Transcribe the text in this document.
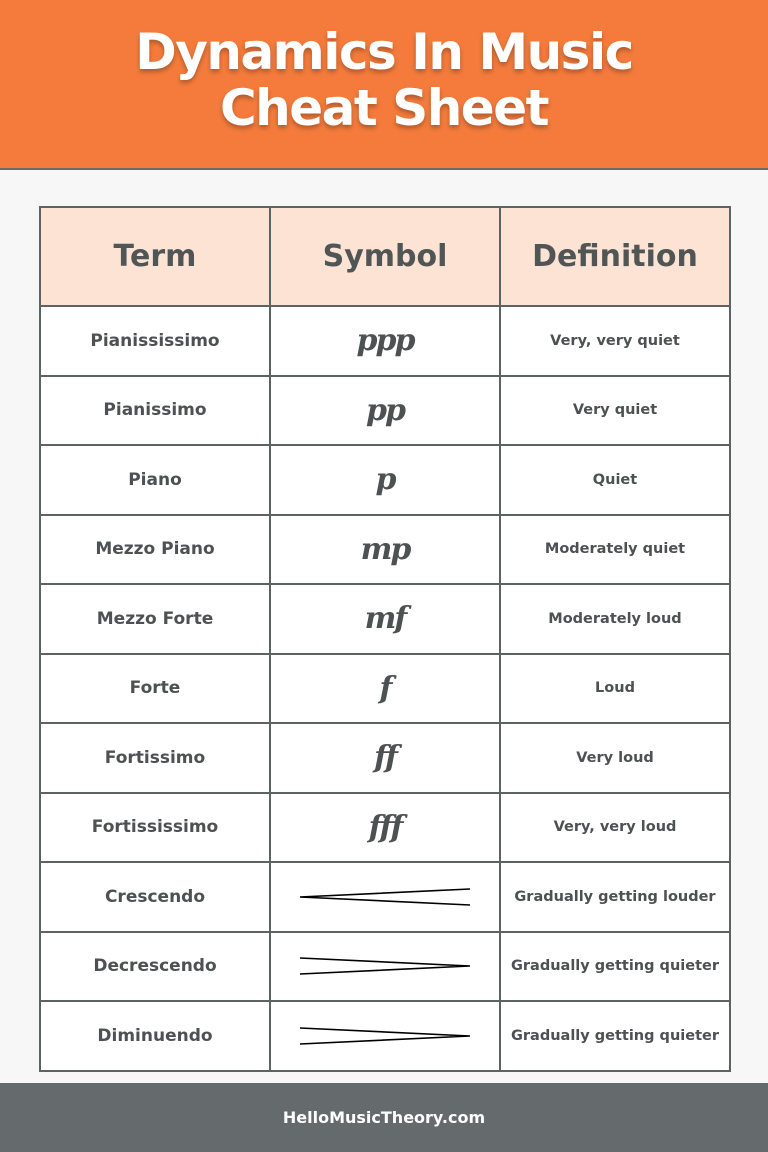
Dynamics In Music
Cheat Sheet
Term	Symbol	Definition
Pianississimo	ppp	Very, very quiet
Pianissimo	pp	Very quiet
Piano	p	Quiet
Mezzo Piano	mp	Moderately quiet
Mezzo Forte	mf	Moderately loud
Forte	f	Loud
Fortissimo	ff	Very loud
Fortississimo	fff	Very, very loud
Crescendo		Gradually getting louder
Decrescendo		Gradually getting quieter
Diminuendo		Gradually getting quieter
HelloMusicTheory.com
